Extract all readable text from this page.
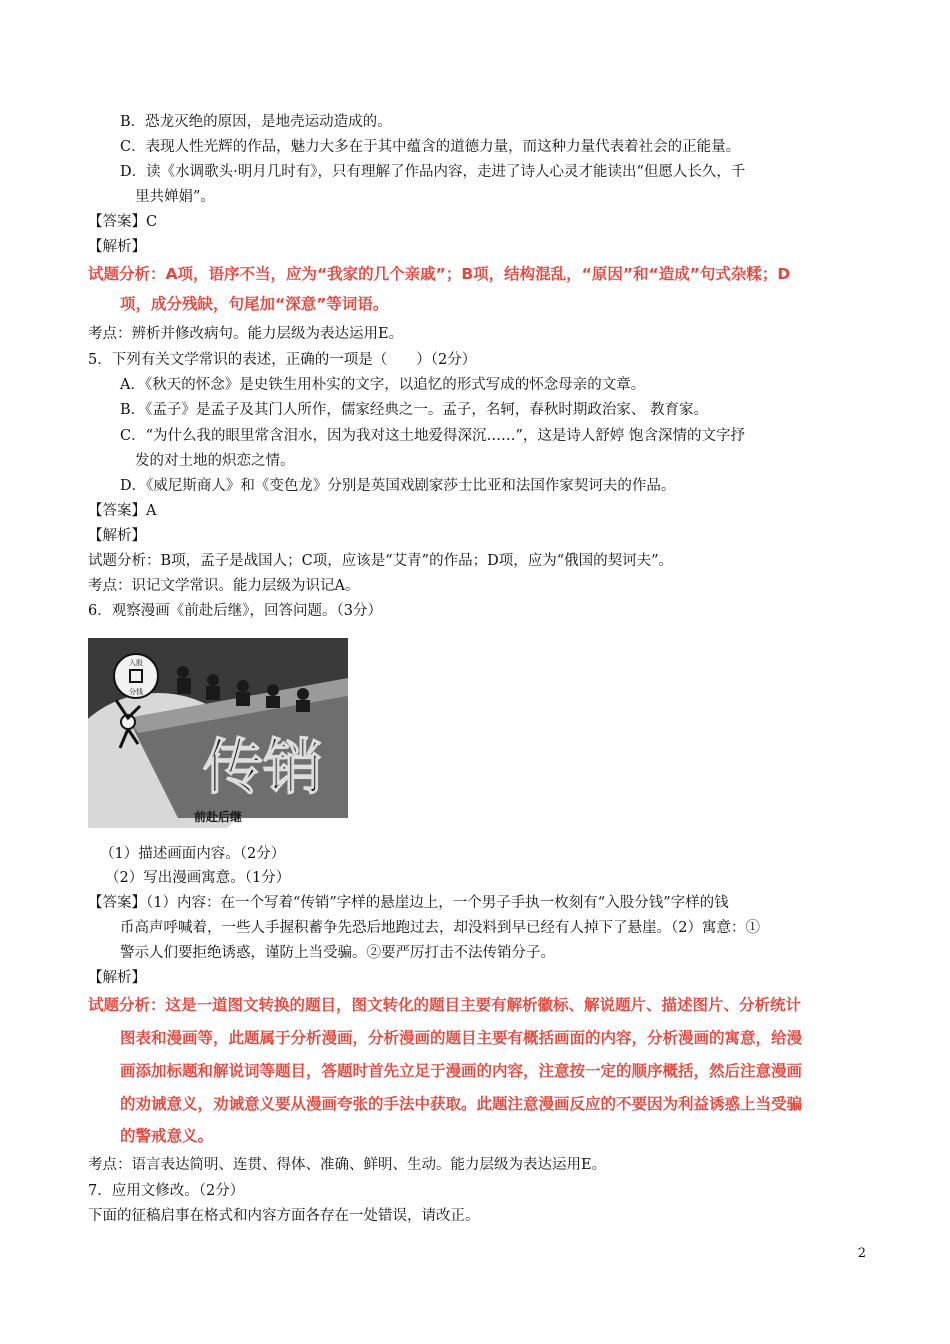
B．恐龙灭绝的原因，是地壳运动造成的。
C．表现人性光辉的作品，魅力大多在于其中蕴含的道德力量，而这种力量代表着社会的正能量。
D．读《水调歌头·明月几时有》，只有理解了作品内容，走进了诗人心灵才能读出“但愿人长久，千
里共婵娟”。
【答案】C
【解析】
试题分析：A项，语序不当，应为“我家的几个亲戚”；B项，结构混乱，“原因”和“造成”句式杂糅；D
项，成分残缺，句尾加“深意”等词语。
考点：辨析并修改病句。能力层级为表达运用E。
5．下列有关文学常识的表述，正确的一项是（　　）（2分）
A．《秋天的怀念》是史铁生用朴实的文字，以追忆的形式写成的怀念母亲的文章。
B．《孟子》是孟子及其门人所作，儒家经典之一。孟子，名轲，春秋时期政治家、 教育家。
C．“为什么我的眼里常含泪水，因为我对这土地爱得深沉……”，这是诗人舒婷 饱含深情的文字抒
发的对土地的炽恋之情。
D．《威尼斯商人》和《变色龙》分别是英国戏剧家莎士比亚和法国作家契诃夫的作品。
【答案】A
【解析】
试题分析：B项，孟子是战国人；C项，应该是“艾青”的作品；D项，应为“俄国的契诃夫”。
考点：识记文学常识。能力层级为识记A。
6．观察漫画《前赴后继》，回答问题。（3分）
入股
分钱
传销
前赴后继
（1）描述画面内容。（2分）
（2）写出漫画寓意。（1分）
【答案】（1）内容：在一个写着“传销”字样的悬崖边上，一个男子手执一枚刻有“入股分钱”字样的钱
币高声呼喊着，一些人手握积蓄争先恐后地跑过去，却没料到早已经有人掉下了悬崖。（2）寓意：①
警示人们要拒绝诱惑，谨防上当受骗。②要严厉打击不法传销分子。
【解析】
试题分析：这是一道图文转换的题目，图文转化的题目主要有解析徽标、解说题片、描述图片、分析统计
图表和漫画等，此题属于分析漫画，分析漫画的题目主要有概括画面的内容，分析漫画的寓意，给漫
画添加标题和解说词等题目，答题时首先立足于漫画的内容，注意按一定的顺序概括，然后注意漫画
的劝诫意义，劝诫意义要从漫画夸张的手法中获取。此题注意漫画反应的不要因为利益诱惑上当受骗
的警戒意义。
考点：语言表达简明、连贯、得体、准确、鲜明、生动。能力层级为表达运用E。
7．应用文修改。（2分）
下面的征稿启事在格式和内容方面各存在一处错误，请改正。
2
